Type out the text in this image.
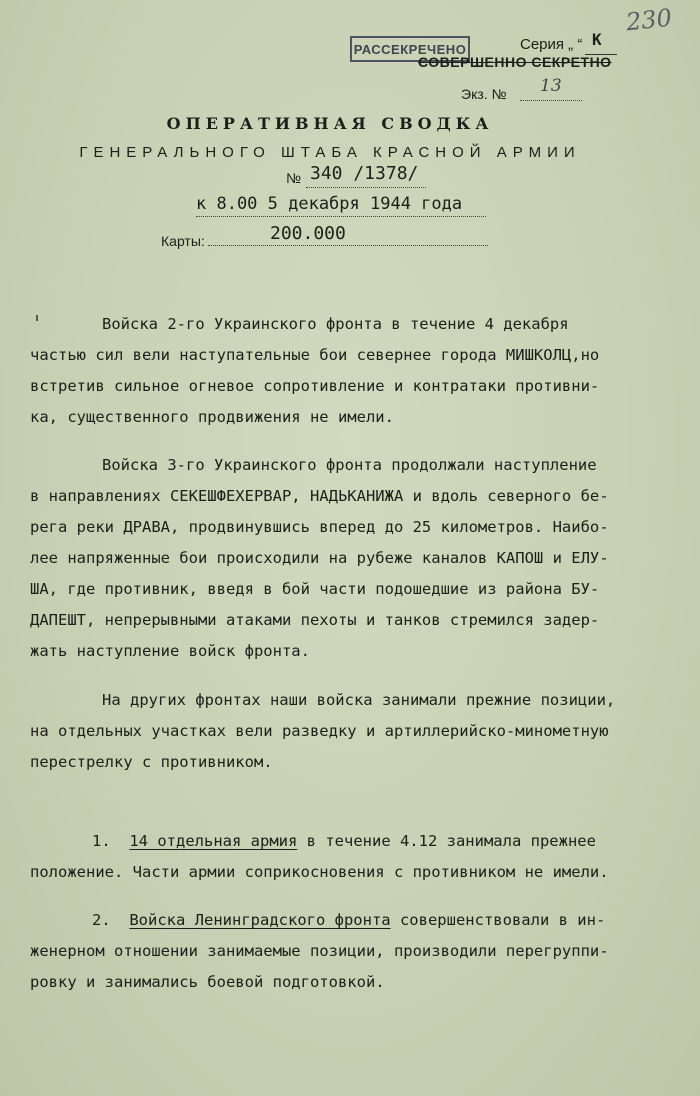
230
РАССЕКРЕЧЕНО	Серия „ “ К
СОВЕРШЕННО СЕКРЕТНО
Экз. № 13
ОПЕРАТИВНАЯ СВОДКА
ГЕНЕРАЛЬНОГО ШТАБА КРАСНОЙ АРМИИ
№ 340 /1378/
к 8.00 5 декабря 1944 года
Карты:	200.000
Войска 2-го Украинского фронта в течение 4 декабря
частью сил вели наступательные бои севернее города МИШКОЛЦ,но
встретив сильное огневое сопротивление и контратаки противни-
ка, существенного продвижения не имели.
Войска 3-го Украинского фронта продолжали наступление
в направлениях СЕКЕШФЕХЕРВАР, НАДЬКАНИЖА и вдоль северного бе-
рега реки ДРАВА, продвинувшись вперед до 25 километров. Наибо-
лее напряженные бои происходили на рубеже каналов КАПОШ и ЕЛУ-
ША, где противник, введя в бой части подошедшие из района БУ-
ДАПЕШТ, непрерывными атаками пехоты и танков стремился задер-
жать наступление войск фронта.
На других фронтах наши войска занимали прежние позиции,
на отдельных участках вели разведку и артиллерийско-минометную
перестрелку с противником.
1. 14 отдельная армия в течение 4.12 занимала прежнее
положение. Части армии соприкосновения с противником не имели.
2. Войска Ленинградского фронта совершенствовали в ин-
женерном отношении занимаемые позиции, производили перегруппи-
ровку и занимались боевой подготовкой.
